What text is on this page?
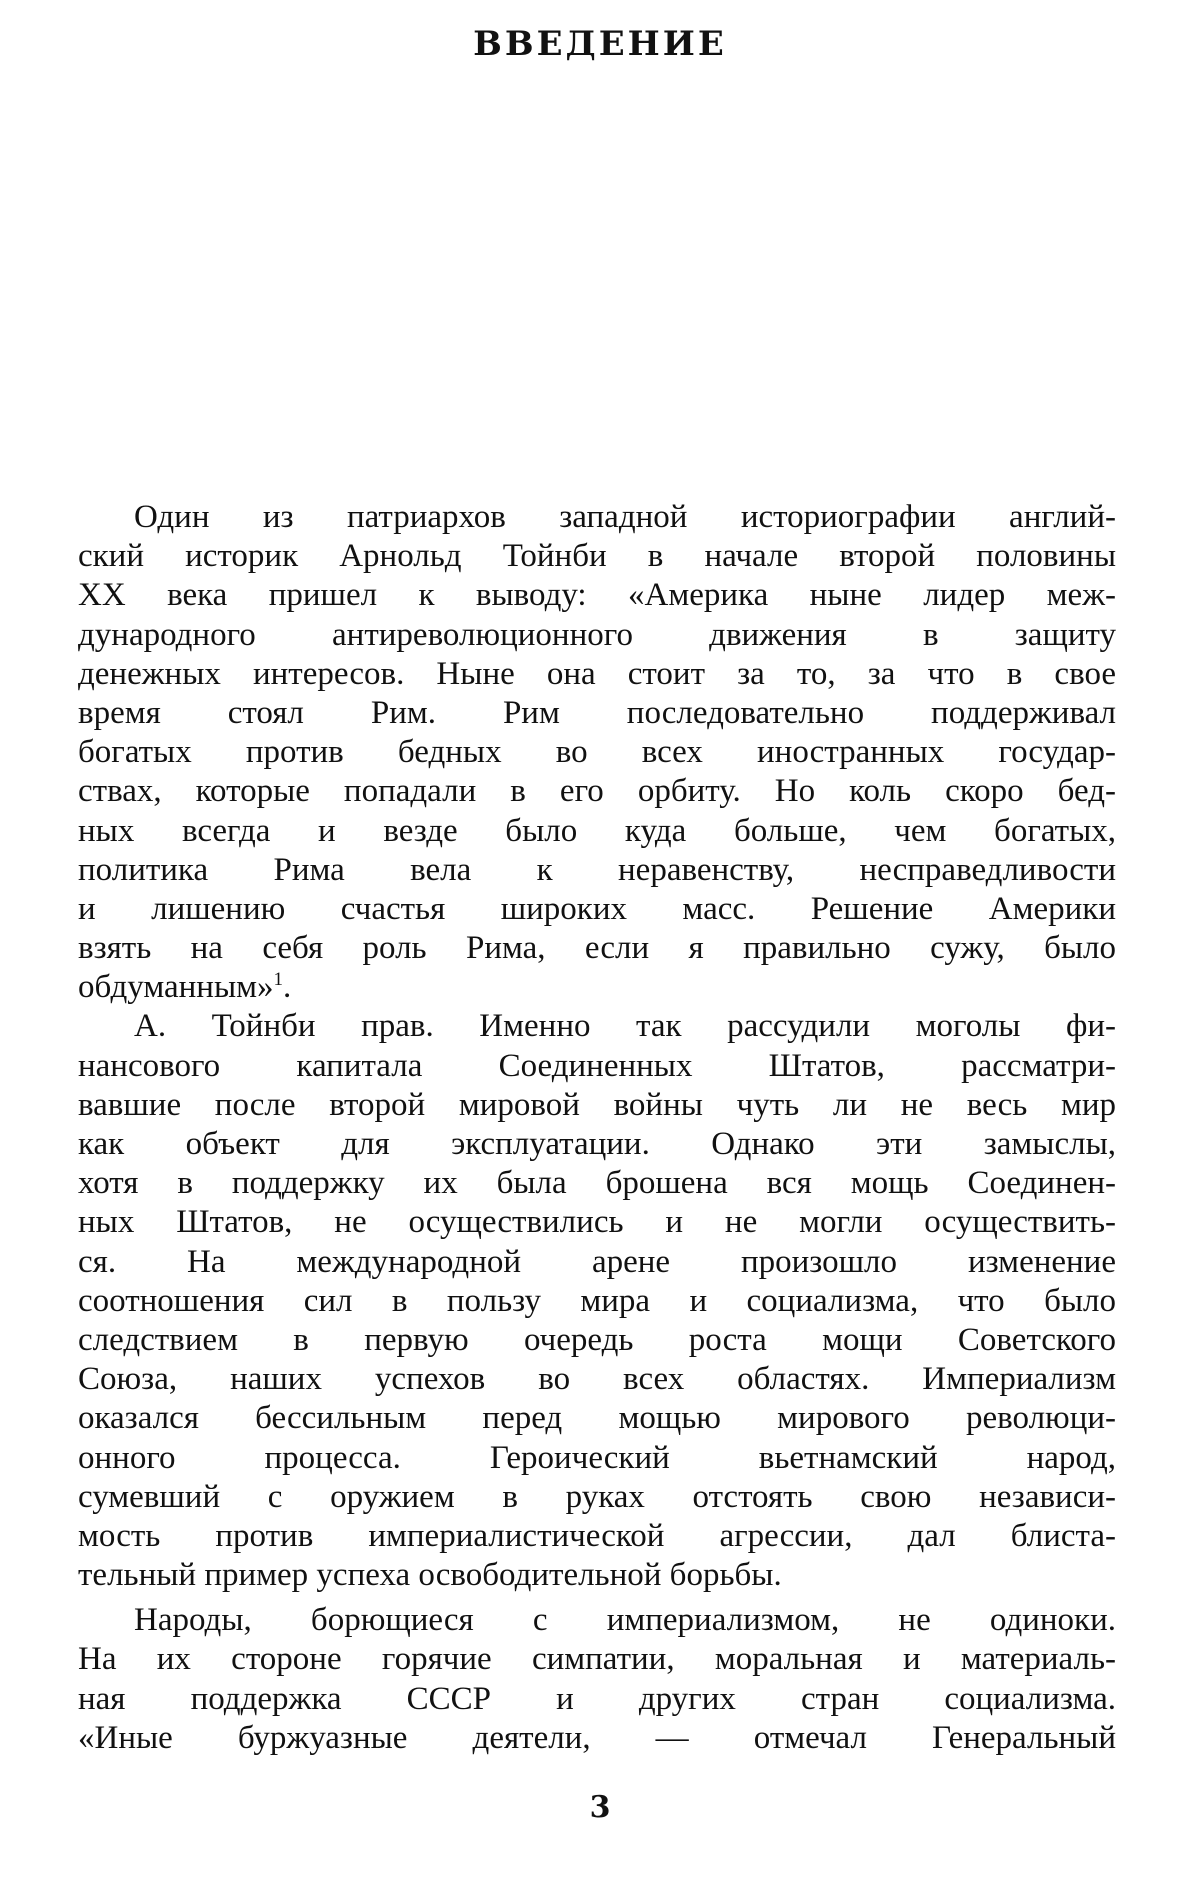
ВВЕДЕНИЕ
Один из патриархов западной историографии англий-
ский историк Арнольд Тойнби в начале второй половины
XX века пришел к выводу: «Америка ныне лидер меж-
дународного антиреволюционного движения в защиту
денежных интересов. Ныне она стоит за то, за что в свое
время стоял Рим. Рим последовательно поддерживал
богатых против бедных во всех иностранных государ-
ствах, которые попадали в его орбиту. Но коль скоро бед-
ных всегда и везде было куда больше, чем богатых,
политика Рима вела к неравенству, несправедливости
и лишению счастья широких масс. Решение Америки
взять на себя роль Рима, если я правильно сужу, было
обдуманным»$^1$.
А. Тойнби прав. Именно так рассудили моголы фи-
нансового капитала Соединенных Штатов, рассматри-
вавшие после второй мировой войны чуть ли не весь мир
как объект для эксплуатации. Однако эти замыслы,
хотя в поддержку их была брошена вся мощь Соединен-
ных Штатов, не осуществились и не могли осуществить-
ся. На международной арене произошло изменение
соотношения сил в пользу мира и социализма, что было
следствием в первую очередь роста мощи Советского
Союза, наших успехов во всех областях. Империализм
оказался бессильным перед мощью мирового революци-
онного процесса. Героический вьетнамский народ,
сумевший с оружием в руках отстоять свою независи-
мость против империалистической агрессии, дал блиста-
тельный пример успеха освободительной борьбы.
Народы, борющиеся с империализмом, не одиноки.
На их стороне горячие симпатии, моральная и материаль-
ная поддержка СССР и других стран социализма.
«Иные буржуазные деятели, — отмечал Генеральный
3
